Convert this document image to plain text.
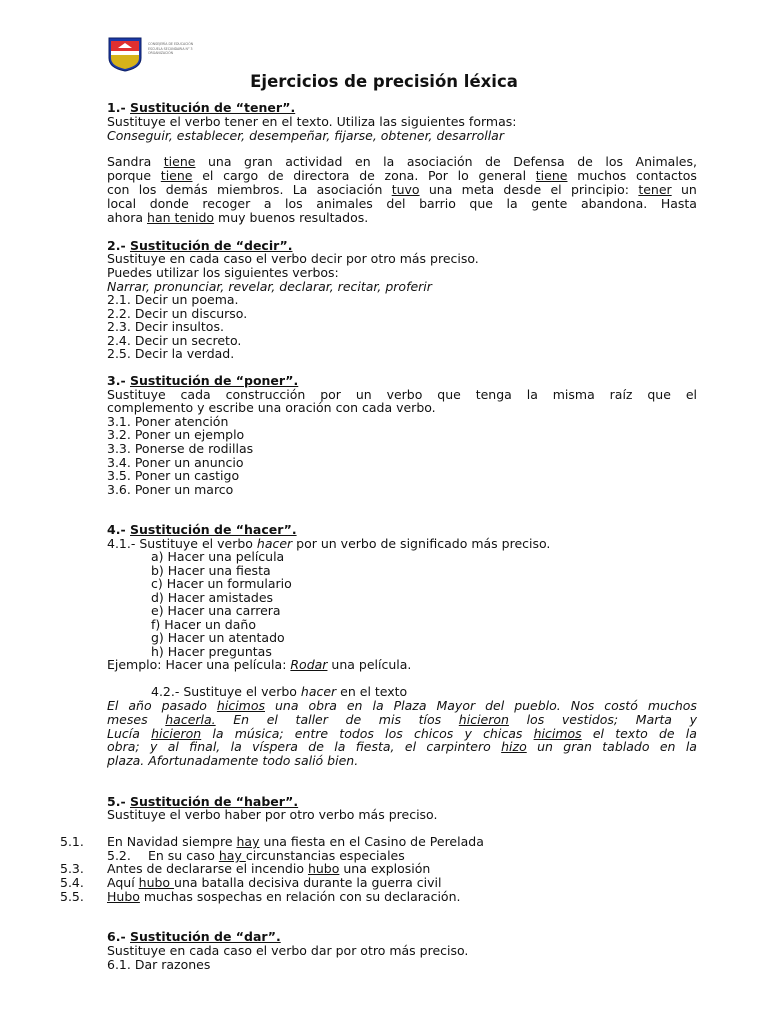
CONSEJERÍA DE EDUCACIÓN
ESCUELA SECUNDARIA N° 3
ORGANIZACIÓN
Ejercicios de precisión léxica
1.- Sustitución de “tener”.
Sustituye el verbo tener en el texto. Utiliza las siguientes formas:
Conseguir, establecer, desempeñar, fijarse, obtener, desarrollar
Sandra tiene una gran actividad en la asociación de Defensa de los Animales,
porque tiene el cargo de directora de zona. Por lo general tiene muchos contactos
con los demás miembros. La asociación tuvo una meta desde el principio: tener un
local donde recoger a los animales del barrio que la gente abandona. Hasta
ahora han tenido muy buenos resultados.
2.- Sustitución de “decir”.
Sustituye en cada caso el verbo decir por otro más preciso.
Puedes utilizar los siguientes verbos:
Narrar, pronunciar, revelar, declarar, recitar, proferir
2.1. Decir un poema.
2.2. Decir un discurso.
2.3. Decir insultos.
2.4. Decir un secreto.
2.5. Decir la verdad.
3.- Sustitución de “poner”.
Sustituye cada construcción por un verbo que tenga la misma raíz que el
complemento y escribe una oración con cada verbo.
3.1. Poner atención
3.2. Poner un ejemplo
3.3. Ponerse de rodillas
3.4. Poner un anuncio
3.5. Poner un castigo
3.6. Poner un marco
4.- Sustitución de “hacer”.
4.1.- Sustituye el verbo hacer por un verbo de significado más preciso.
a) Hacer una película
b) Hacer una fiesta
c) Hacer un formulario
d) Hacer amistades
e) Hacer una carrera
f) Hacer un daño
g) Hacer un atentado
h) Hacer preguntas
Ejemplo: Hacer una película: Rodar una película.
4.2.- Sustituye el verbo hacer en el texto
El año pasado hicimos una obra en la Plaza Mayor del pueblo. Nos costó muchos
meses hacerla. En el taller de mis tíos hicieron los vestidos; Marta y
Lucía hicieron la música; entre todos los chicos y chicas hicimos el texto de la
obra; y al final, la víspera de la fiesta, el carpintero hizo un gran tablado en la
plaza. Afortunadamente todo salió bien.
5.- Sustitución de “haber”.
Sustituye el verbo haber por otro verbo más preciso.
5.1. En Navidad siempre hay una fiesta en el Casino de Perelada
5.2. En su caso hay circunstancias especiales
5.3. Antes de declararse el incendio hubo una explosión
5.4. Aquí hubo una batalla decisiva durante la guerra civil
5.5. Hubo muchas sospechas en relación con su declaración.
6.- Sustitución de “dar”.
Sustituye en cada caso el verbo dar por otro más preciso.
6.1. Dar razones
